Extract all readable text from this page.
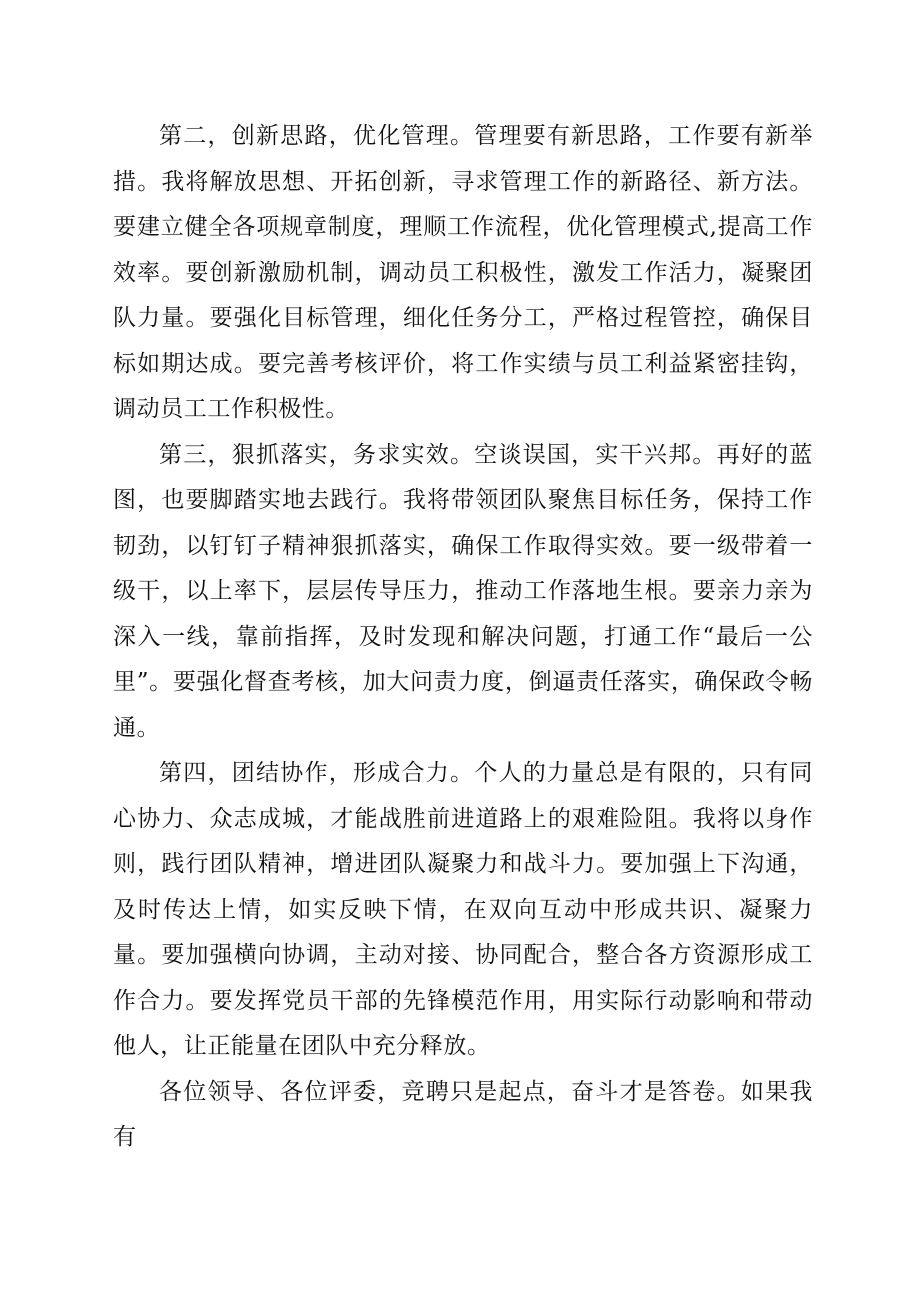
第二，创新思路，优化管理。管理要有新思路，工作要有新举措。我将解放思想、开拓创新，寻求管理工作的新路径、新方法。要建立健全各项规章制度，理顺工作流程，优化管理模式,提高工作效率。要创新激励机制，调动员工积极性，激发工作活力，凝聚团队力量。要强化目标管理，细化任务分工，严格过程管控，确保目标如期达成。要完善考核评价，将工作实绩与员工利益紧密挂钩，调动员工工作积极性。

第三，狠抓落实，务求实效。空谈误国，实干兴邦。再好的蓝图，也要脚踏实地去践行。我将带领团队聚焦目标任务，保持工作韧劲，以钉钉子精神狠抓落实，确保工作取得实效。要一级带着一级干，以上率下，层层传导压力，推动工作落地生根。要亲力亲为深入一线，靠前指挥，及时发现和解决问题，打通工作“最后一公里”。要强化督查考核，加大问责力度，倒逼责任落实，确保政令畅通。

第四，团结协作，形成合力。个人的力量总是有限的，只有同心协力、众志成城，才能战胜前进道路上的艰难险阻。我将以身作则，践行团队精神，增进团队凝聚力和战斗力。要加强上下沟通，及时传达上情，如实反映下情，在双向互动中形成共识、凝聚力量。要加强横向协调，主动对接、协同配合，整合各方资源形成工作合力。要发挥党员干部的先锋模范作用，用实际行动影响和带动他人，让正能量在团队中充分释放。

各位领导、各位评委，竞聘只是起点，奋斗才是答卷。如果我有
